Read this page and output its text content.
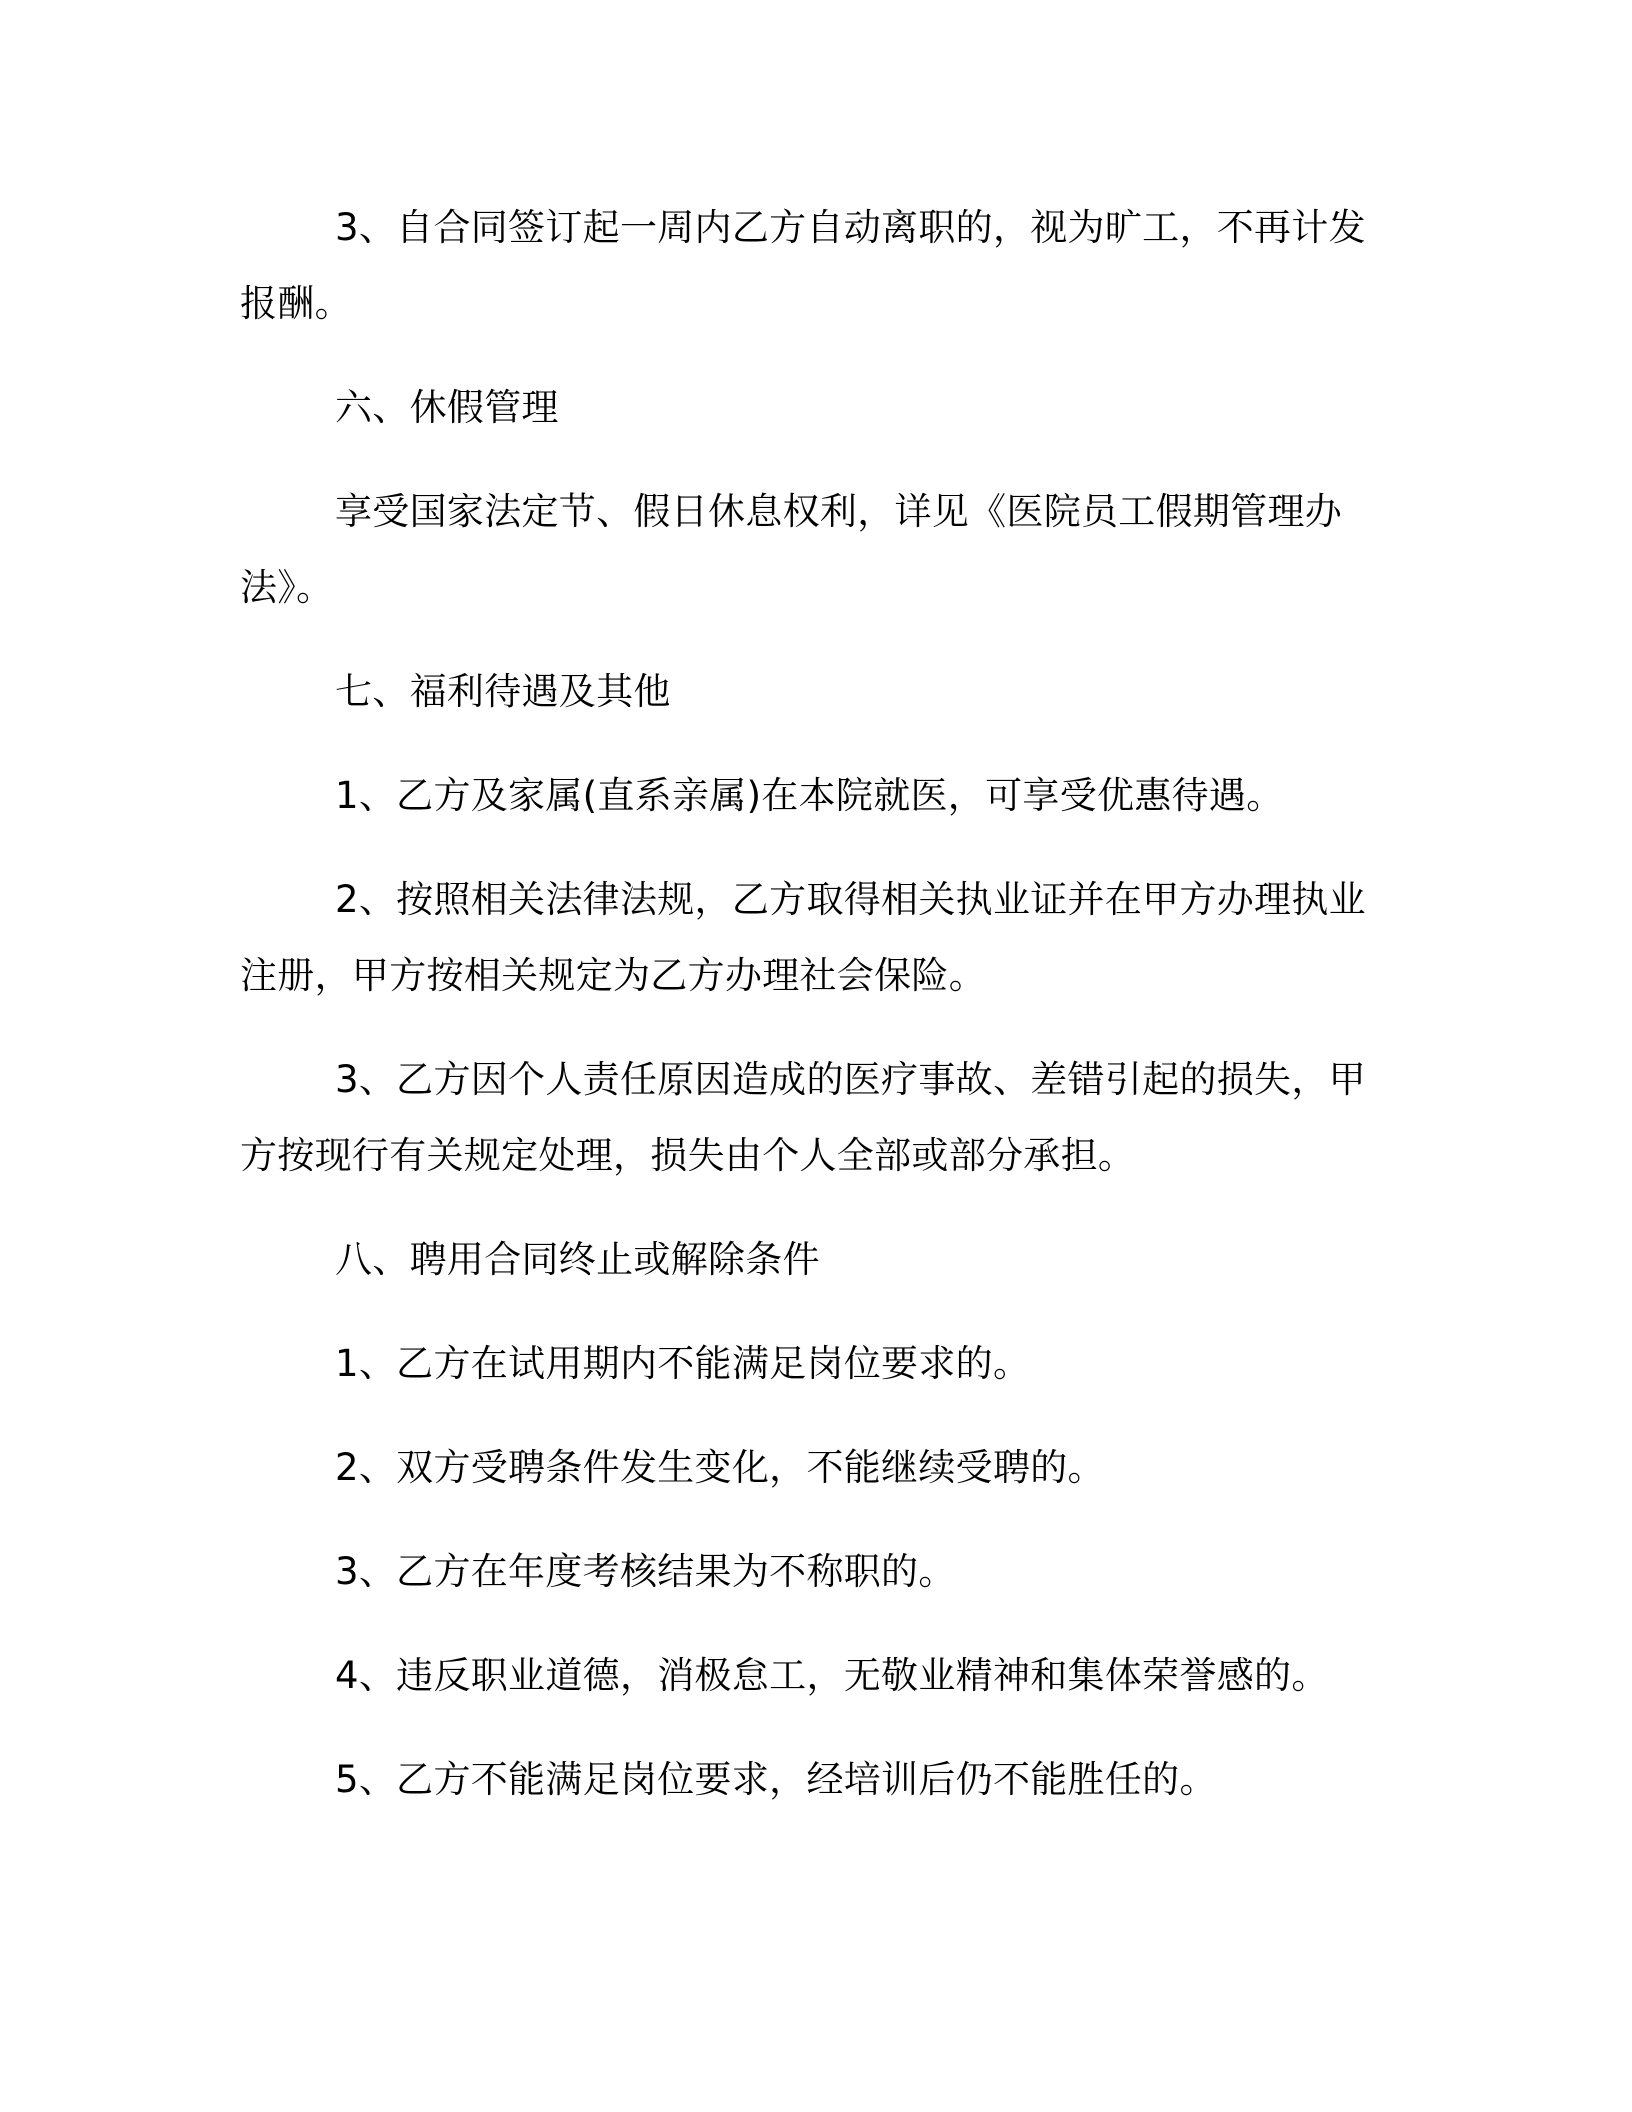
3、自合同签订起一周内乙方自动离职的，视为旷工，不再计发报酬。

六、休假管理

享受国家法定节、假日休息权利，详见《医院员工假期管理办法》。

七、福利待遇及其他

1、乙方及家属(直系亲属)在本院就医，可享受优惠待遇。

2、按照相关法律法规，乙方取得相关执业证并在甲方办理执业注册，甲方按相关规定为乙方办理社会保险。

3、乙方因个人责任原因造成的医疗事故、差错引起的损失，甲方按现行有关规定处理，损失由个人全部或部分承担。

八、聘用合同终止或解除条件

1、乙方在试用期内不能满足岗位要求的。

2、双方受聘条件发生变化，不能继续受聘的。

3、乙方在年度考核结果为不称职的。

4、违反职业道德，消极怠工，无敬业精神和集体荣誉感的。

5、乙方不能满足岗位要求，经培训后仍不能胜任的。
